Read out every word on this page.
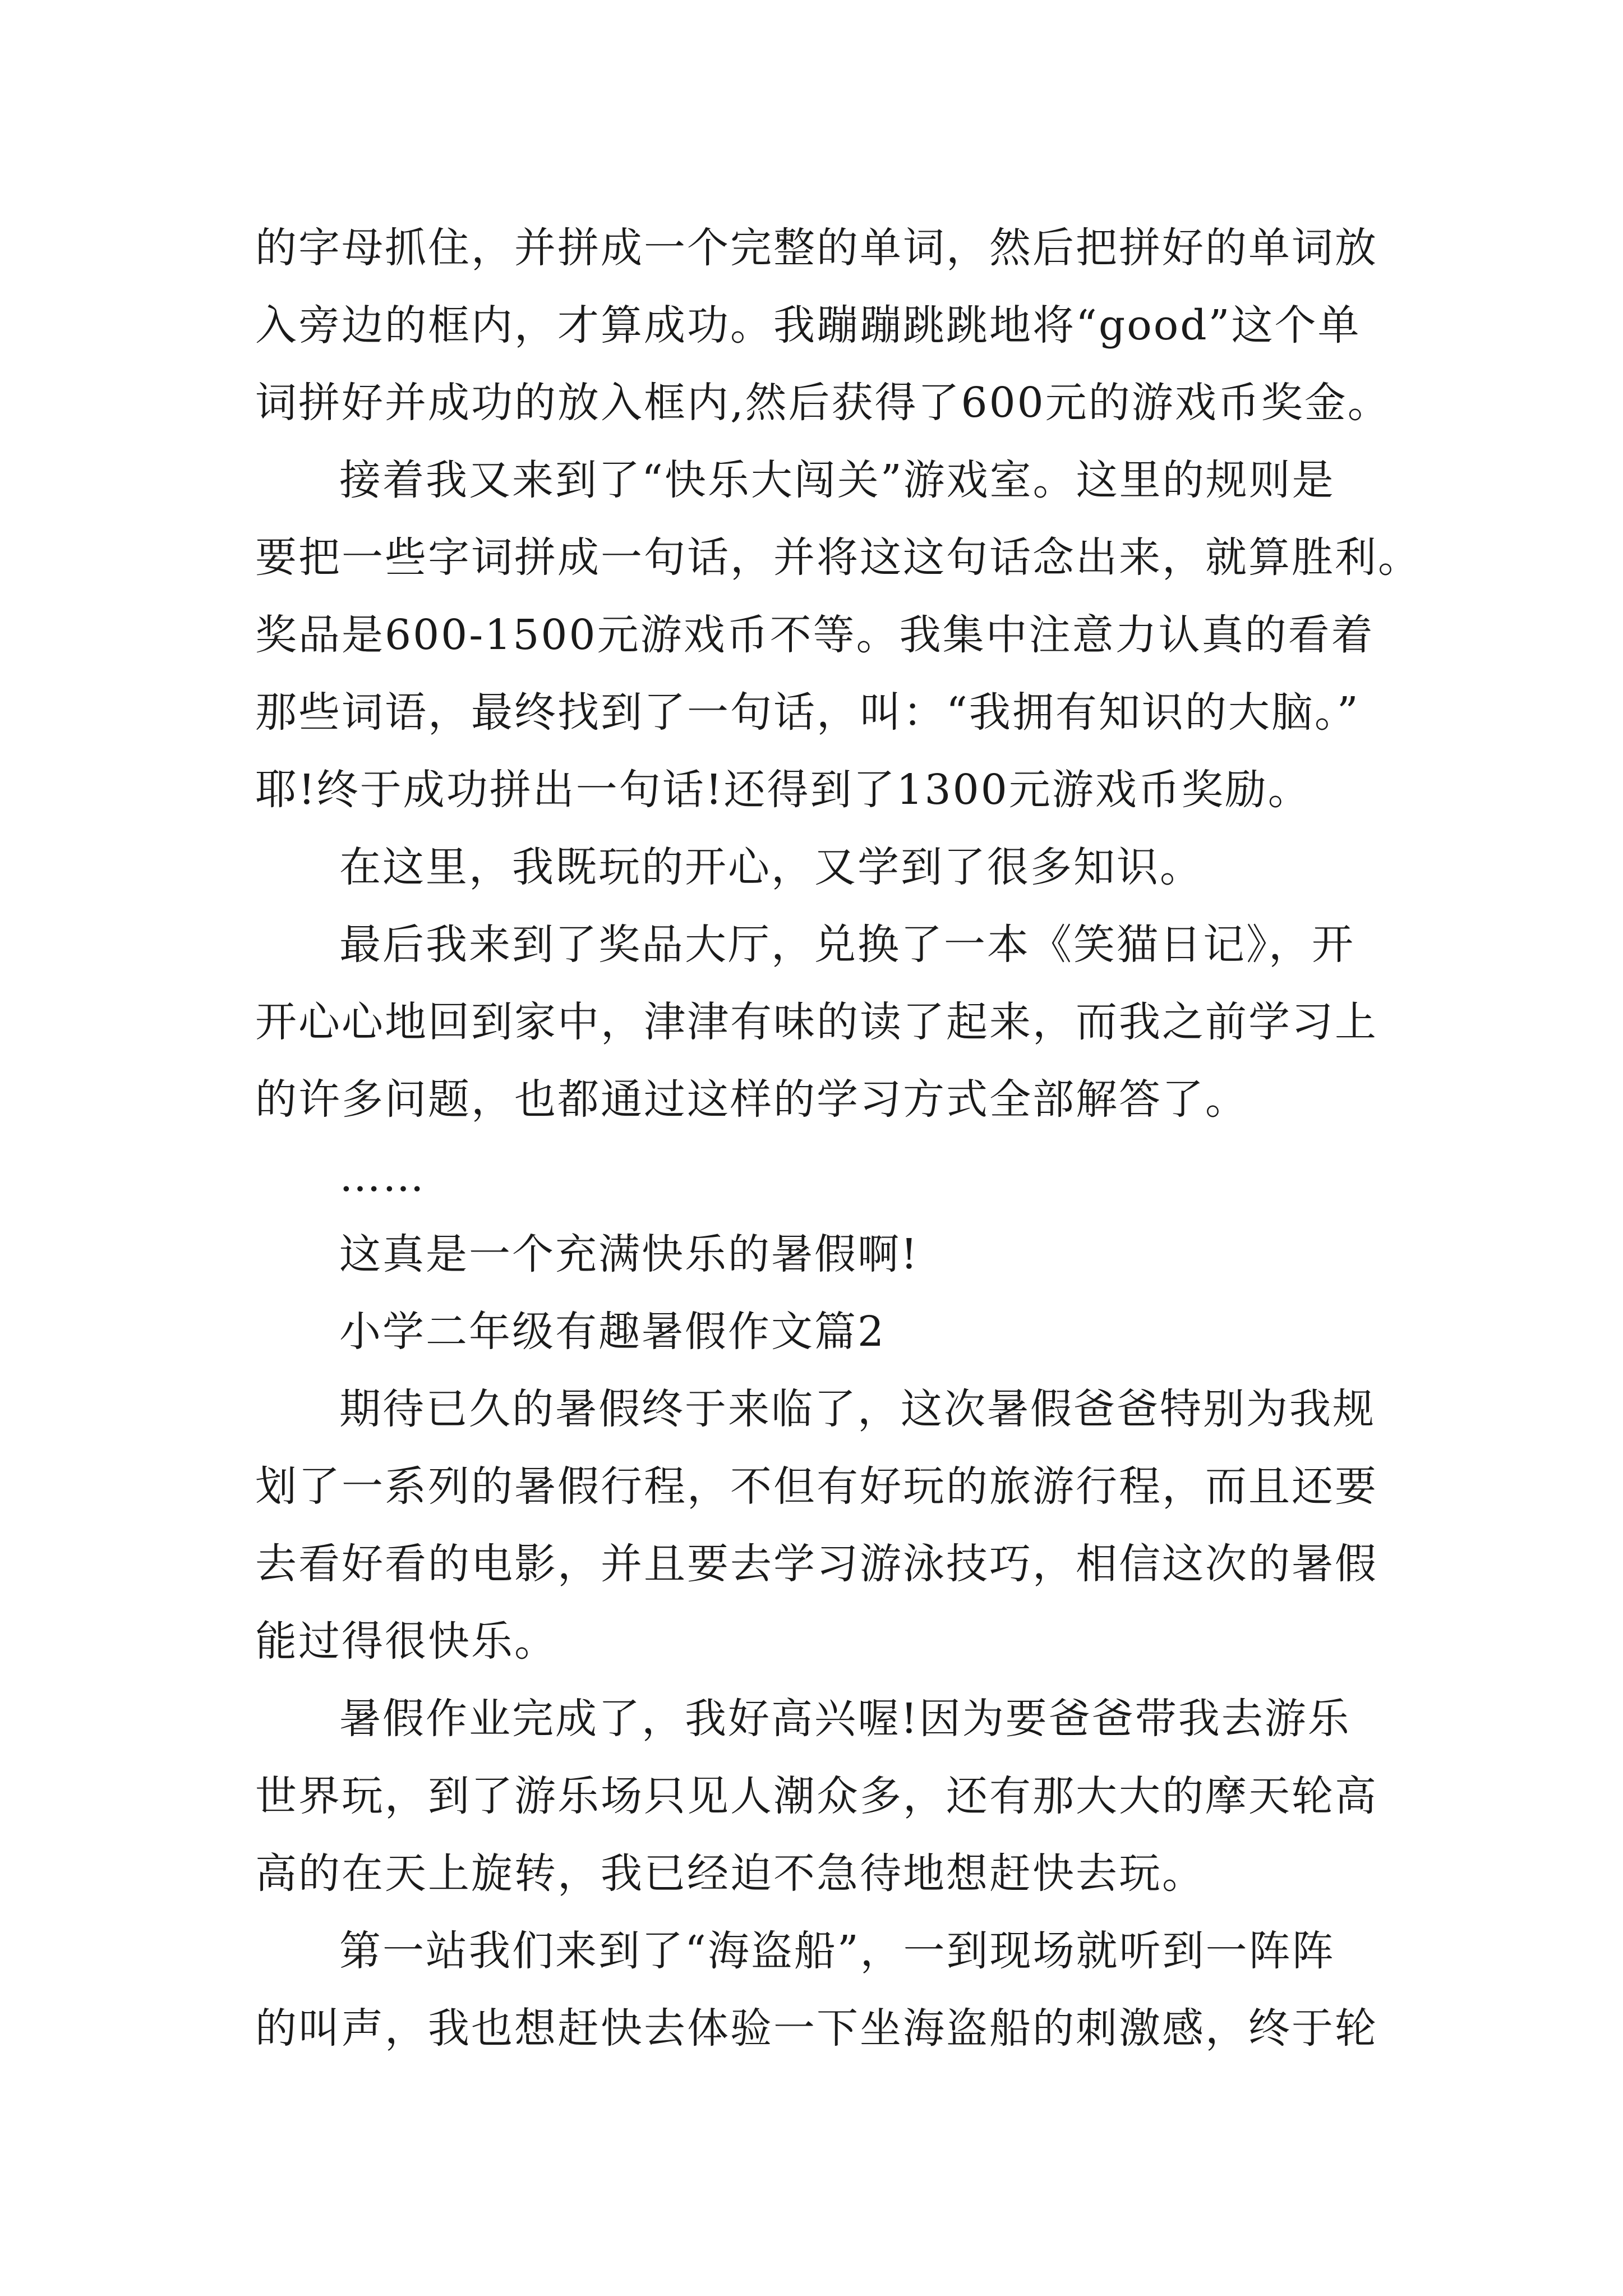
的字母抓住，并拼成一个完整的单词，然后把拼好的单词放

入旁边的框内，才算成功。我蹦蹦跳跳地将“good”这个单

词拼好并成功的放入框内,然后获得了600元的游戏币奖金。

接着我又来到了“快乐大闯关”游戏室。这里的规则是

要把一些字词拼成一句话，并将这这句话念出来，就算胜利。

奖品是600-1500元游戏币不等。我集中注意力认真的看着

那些词语，最终找到了一句话，叫：“我拥有知识的大脑。”

耶!终于成功拼出一句话!还得到了1300元游戏币奖励。

在这里，我既玩的开心，又学到了很多知识。

最后我来到了奖品大厅，兑换了一本《笑猫日记》，开

开心心地回到家中，津津有味的读了起来，而我之前学习上

的许多问题，也都通过这样的学习方式全部解答了。

……

这真是一个充满快乐的暑假啊!

小学二年级有趣暑假作文篇2

期待已久的暑假终于来临了，这次暑假爸爸特别为我规

划了一系列的暑假行程，不但有好玩的旅游行程，而且还要

去看好看的电影，并且要去学习游泳技巧，相信这次的暑假

能过得很快乐。

暑假作业完成了，我好高兴喔!因为要爸爸带我去游乐

世界玩，到了游乐场只见人潮众多，还有那大大的摩天轮高

高的在天上旋转，我已经迫不急待地想赶快去玩。

第一站我们来到了“海盗船”，一到现场就听到一阵阵

的叫声，我也想赶快去体验一下坐海盗船的刺激感，终于轮
